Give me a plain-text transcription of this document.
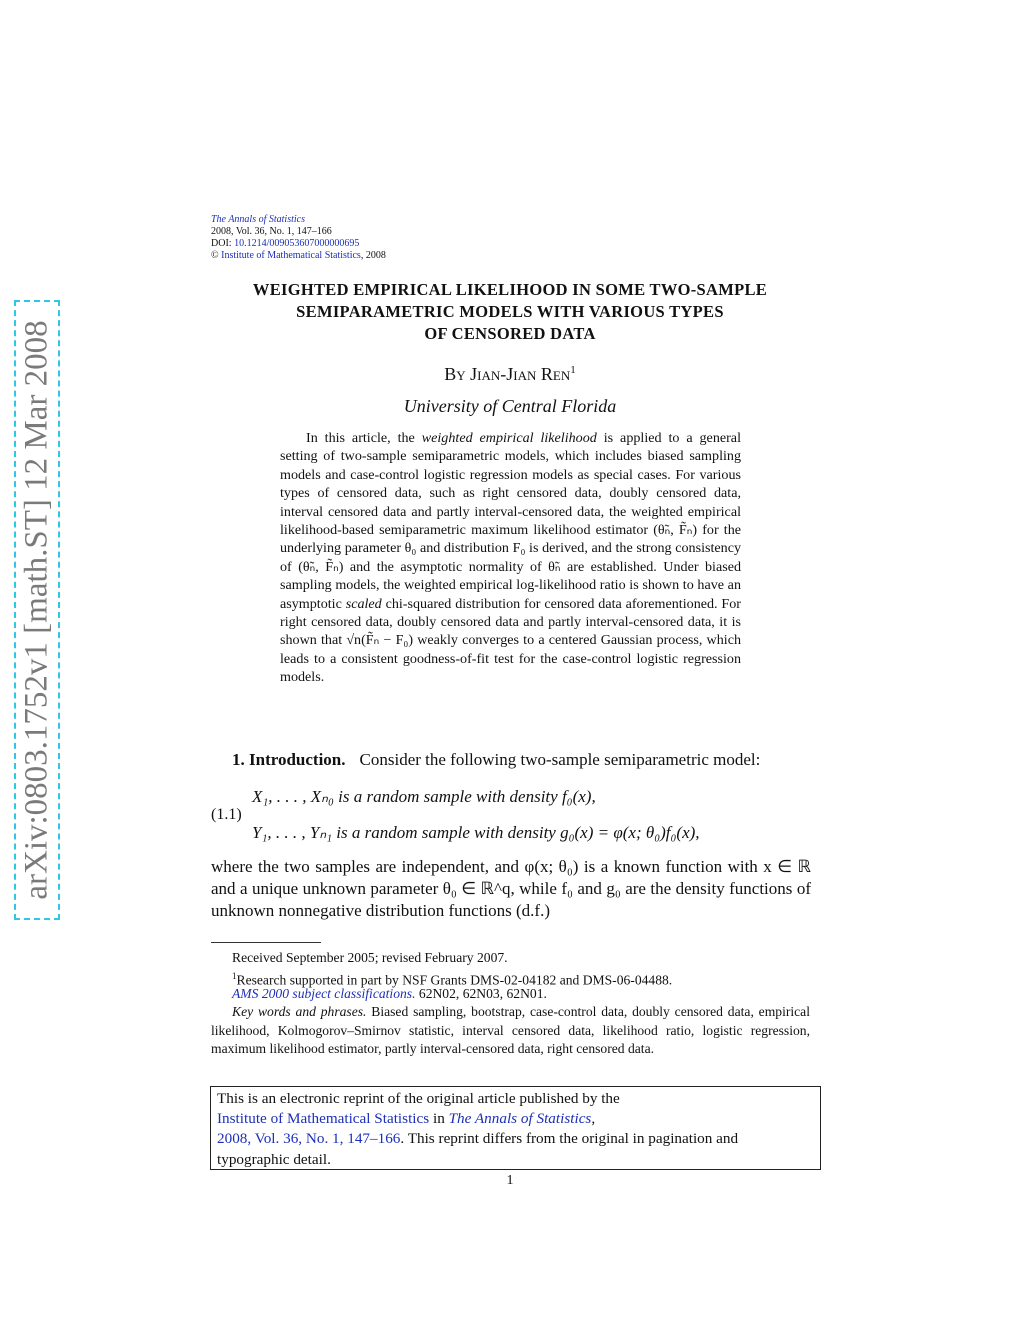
arXiv:0803.1752v1 [math.ST] 12 Mar 2008
The Annals of Statistics
2008, Vol. 36, No. 1, 147–166
DOI: 10.1214/009053607000000695
© Institute of Mathematical Statistics, 2008
WEIGHTED EMPIRICAL LIKELIHOOD IN SOME TWO-SAMPLE
SEMIPARAMETRIC MODELS WITH VARIOUS TYPES
OF CENSORED DATA
By Jian-Jian Ren$^1$
University of Central Florida
In this article, the weighted empirical likelihood is applied to a general setting of two-sample semiparametric models, which includes biased sampling models and case-control logistic regression models as special cases. For various types of censored data, such as right censored data, doubly censored data, interval censored data and partly interval-censored data, the weighted empirical likelihood-based semiparametric maximum likelihood estimator (θ̃ₙ, F̃ₙ) for the underlying parameter θ₀ and distribution F₀ is derived, and the strong consistency of (θ̃ₙ, F̃ₙ) and the asymptotic normality of θ̃ₙ are established. Under biased sampling models, the weighted empirical log-likelihood ratio is shown to have an asymptotic scaled chi-squared distribution for censored data aforementioned. For right censored data, doubly censored data and partly interval-censored data, it is shown that √n(F̃ₙ − F₀) weakly converges to a centered Gaussian process, which leads to a consistent goodness-of-fit test for the case-control logistic regression models.
1. Introduction. Consider the following two-sample semiparametric model:
(1.1)
X₁, . . . , Xₙ₀ is a random sample with density f₀(x),
Y₁, . . . , Yₙ₁ is a random sample with density g₀(x) = φ(x; θ₀)f₀(x),
where the two samples are independent, and φ(x; θ₀) is a known function with x ∈ ℝ and a unique unknown parameter θ₀ ∈ ℝ^q, while f₀ and g₀ are the density functions of unknown nonnegative distribution functions (d.f.)
Received September 2005; revised February 2007.
$^1$Research supported in part by NSF Grants DMS-02-04182 and DMS-06-04488.
AMS 2000 subject classifications. 62N02, 62N03, 62N01.
Key words and phrases. Biased sampling, bootstrap, case-control data, doubly censored data, empirical likelihood, Kolmogorov–Smirnov statistic, interval censored data, likelihood ratio, logistic regression, maximum likelihood estimator, partly interval-censored data, right censored data.
This is an electronic reprint of the original article published by the
Institute of Mathematical Statistics in The Annals of Statistics,
2008, Vol. 36, No. 1, 147–166. This reprint differs from the original in pagination and typographic detail.
1
